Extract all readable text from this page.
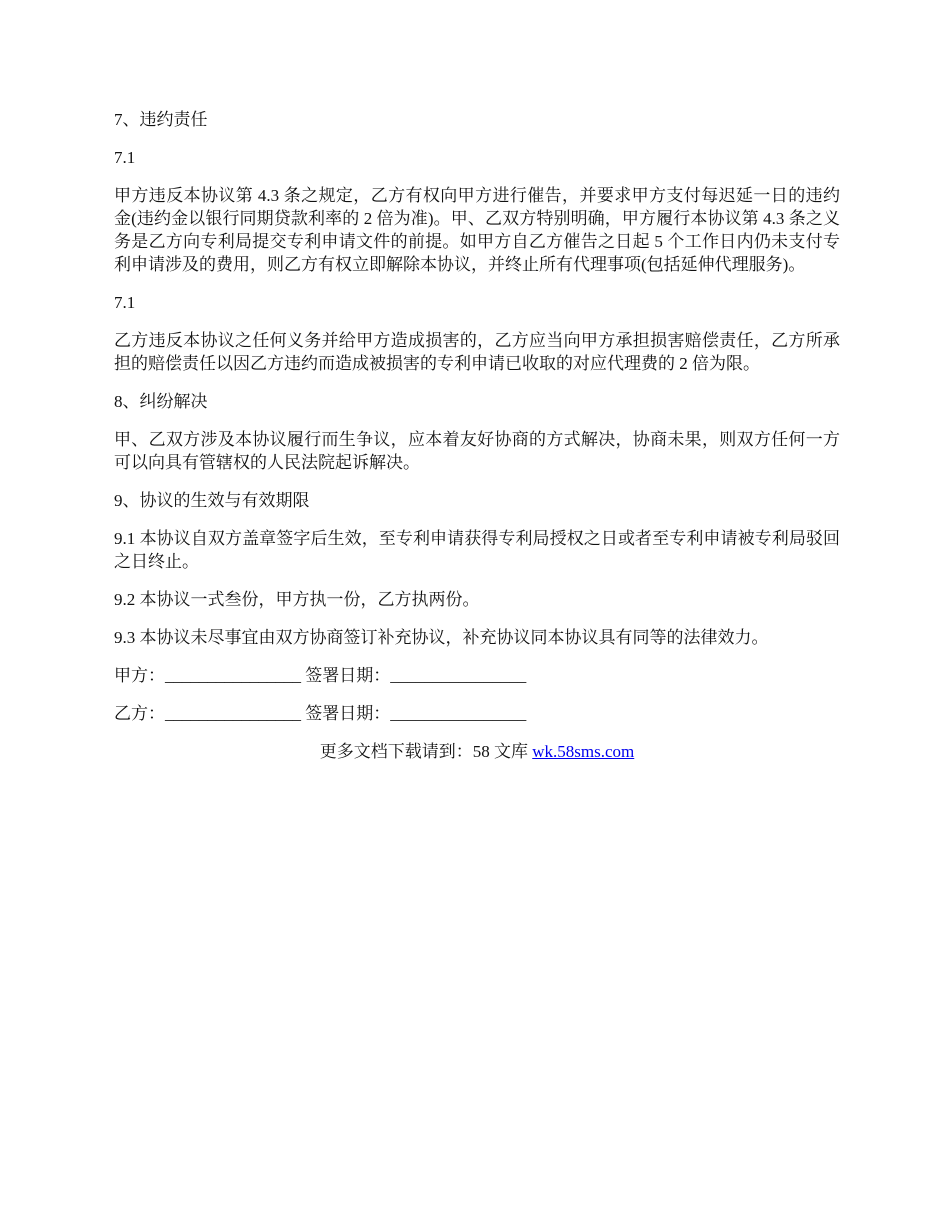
7、违约责任

7.1

甲方违反本协议第 4.3 条之规定，乙方有权向甲方进行催告，并要求甲方支付每迟延一日的违约金(违约金以银行同期贷款利率的 2 倍为准)。甲、乙双方特别明确，甲方履行本协议第 4.3 条之义务是乙方向专利局提交专利申请文件的前提。如甲方自乙方催告之日起 5 个工作日内仍未支付专利申请涉及的费用，则乙方有权立即解除本协议，并终止所有代理事项(包括延伸代理服务)。

7.1

乙方违反本协议之任何义务并给甲方造成损害的，乙方应当向甲方承担损害赔偿责任，乙方所承担的赔偿责任以因乙方违约而造成被损害的专利申请已收取的对应代理费的 2 倍为限。

8、纠纷解决

甲、乙双方涉及本协议履行而生争议，应本着友好协商的方式解决，协商未果，则双方任何一方可以向具有管辖权的人民法院起诉解决。

9、协议的生效与有效期限

9.1 本协议自双方盖章签字后生效，至专利申请获得专利局授权之日或者至专利申请被专利局驳回之日终止。

9.2 本协议一式叁份，甲方执一份，乙方执两份。

9.3 本协议未尽事宜由双方协商签订补充协议，补充协议同本协议具有同等的法律效力。

甲方：________________ 签署日期：________________

乙方：________________ 签署日期：________________

更多文档下载请到：58 文库 wk.58sms.com
